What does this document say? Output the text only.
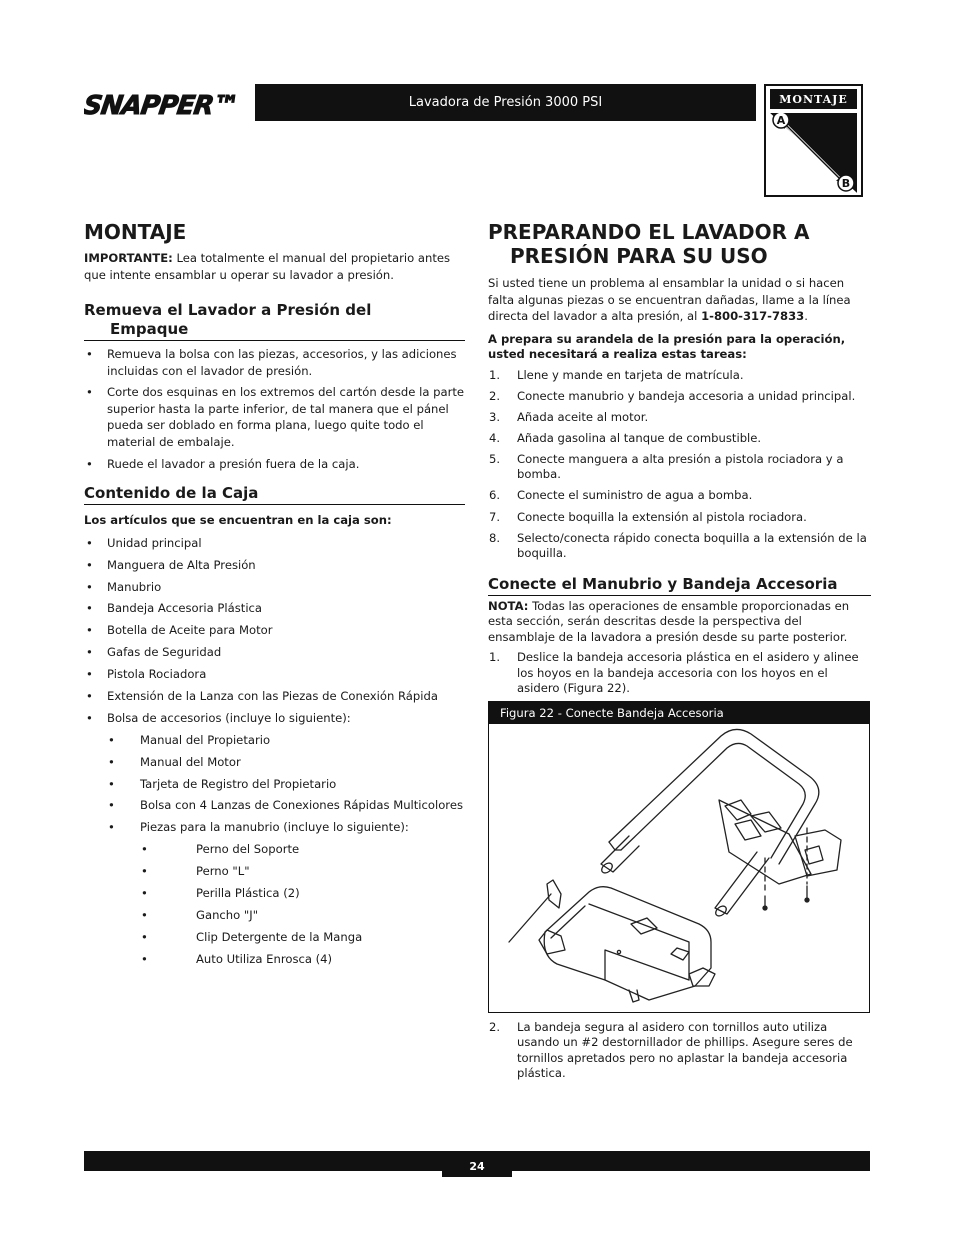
SNAPPER™	Lavadora de Presión 3000 PSI	MONTAJE
A
B
MONTAJE

IMPORTANTE: Lea totalmente el manual del propietario antes que intente ensamblar u operar su lavador a presión.

Remueva el Lavador a Presión del
Empaque
• Remueva la bolsa con las piezas, accesorios, y las adiciones incluidas con el lavador de presión.
• Corte dos esquinas en los extremos del cartón desde la parte superior hasta la parte inferior, de tal manera que el pánel pueda ser doblado en forma plana, luego quite todo el material de embalaje.
• Ruede el lavador a presión fuera de la caja.
Contenido de la Caja

Los artículos que se encuentran en la caja son:

• Unidad principal
• Manguera de Alta Presión
• Manubrio
• Bandeja Accesoria Plástica
• Botella de Aceite para Motor
• Gafas de Seguridad
• Pistola Rociadora
• Extensión de la Lanza con las Piezas de Conexión Rápida
• Bolsa de accesorios (incluye lo siguiente):
• Manual del Propietario
• Manual del Motor
• Tarjeta de Registro del Propietario
• Bolsa con 4 Lanzas de Conexiones Rápidas Multicolores
• Piezas para la manubrio (incluye lo siguiente):
• Perno del Soporte
• Perno "L"
• Perilla Plástica (2)
• Gancho "J"
• Clip Detergente de la Manga
• Auto Utiliza Enrosca (4)
PREPARANDO EL LAVADOR A
PRESIÓN PARA SU USO

Si usted tiene un problema al ensamblar la unidad o si hacen falta algunas piezas o se encuentran dañadas, llame a la línea directa del lavador a alta presión, al 1-800-317-7833.

A prepara su arandela de la presión para la operación, usted necesitará a realiza estas tareas:

1. Llene y mande en tarjeta de matrícula.
2. Conecte manubrio y bandeja accesoria a unidad principal.
3. Añada aceite al motor.
4. Añada gasolina al tanque de combustible.
5. Conecte manguera a alta presión a pistola rociadora y a bomba.
6. Conecte el suministro de agua a bomba.
7. Conecte boquilla la extensión al pistola rociadora.
8. Selecto/conecta rápido conecta boquilla a la extensión de la boquilla.
Conecte el Manubrio y Bandeja Accesoria

NOTA: Todas las operaciones de ensamble proporcionadas en esta sección, serán descritas desde la perspectiva del ensamblaje de la lavadora a presión desde su parte posterior.

1. Deslice la bandeja accesoria plástica en el asidero y alinee los hoyos en la bandeja accesoria con los hoyos en el asidero (Figura 22).
Figura 22 - Conecte Bandeja Accesoria
2. La bandeja segura al asidero con tornillos auto utiliza usando un #2 destornillador de phillips. Asegure seres de tornillos apretados pero no aplastar la bandeja accesoria plástica.
24
